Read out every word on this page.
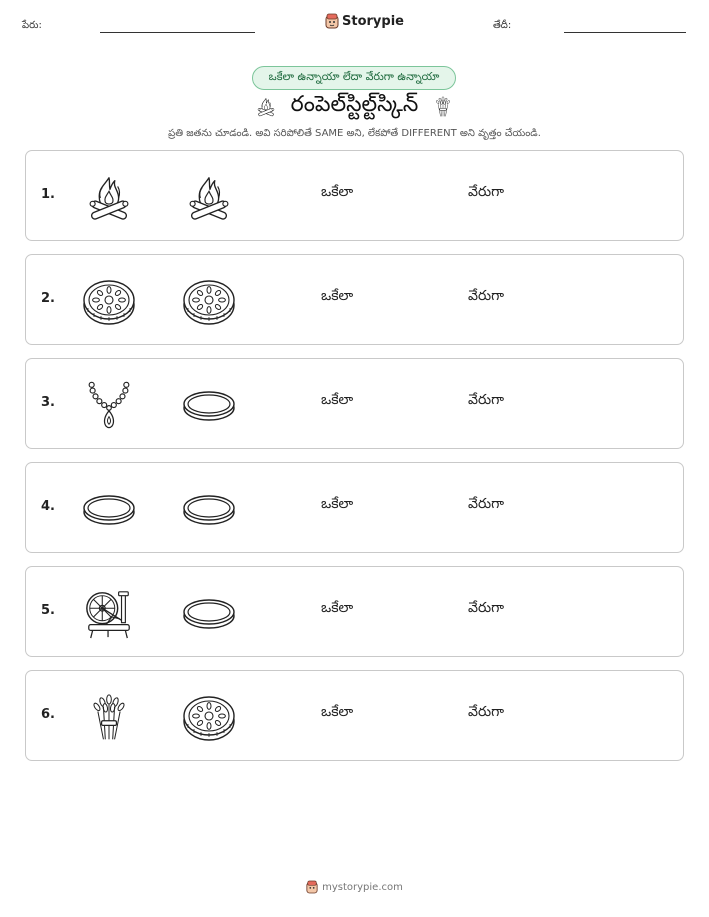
పేరు:	Storypie	తేదీ:
ఒకేలా ఉన్నాయా లేదా వేరుగా ఉన్నాయా
రంపెల్‌స్టిల్ట్‌స్కిన్
ప్రతి జతను చూడండి. అవి సరిపోలితే SAME అని, లేకపోతే DIFFERENT అని వృత్తం చేయండి.
1.	ఒకేలా	వేరుగా
2.	ఒకేలా	వేరుగా
3.	ఒకేలా	వేరుగా
4.	ఒకేలా	వేరుగా
5.	ఒకేలా	వేరుగా
6.	ఒకేలా	వేరుగా
mystorypie.com
